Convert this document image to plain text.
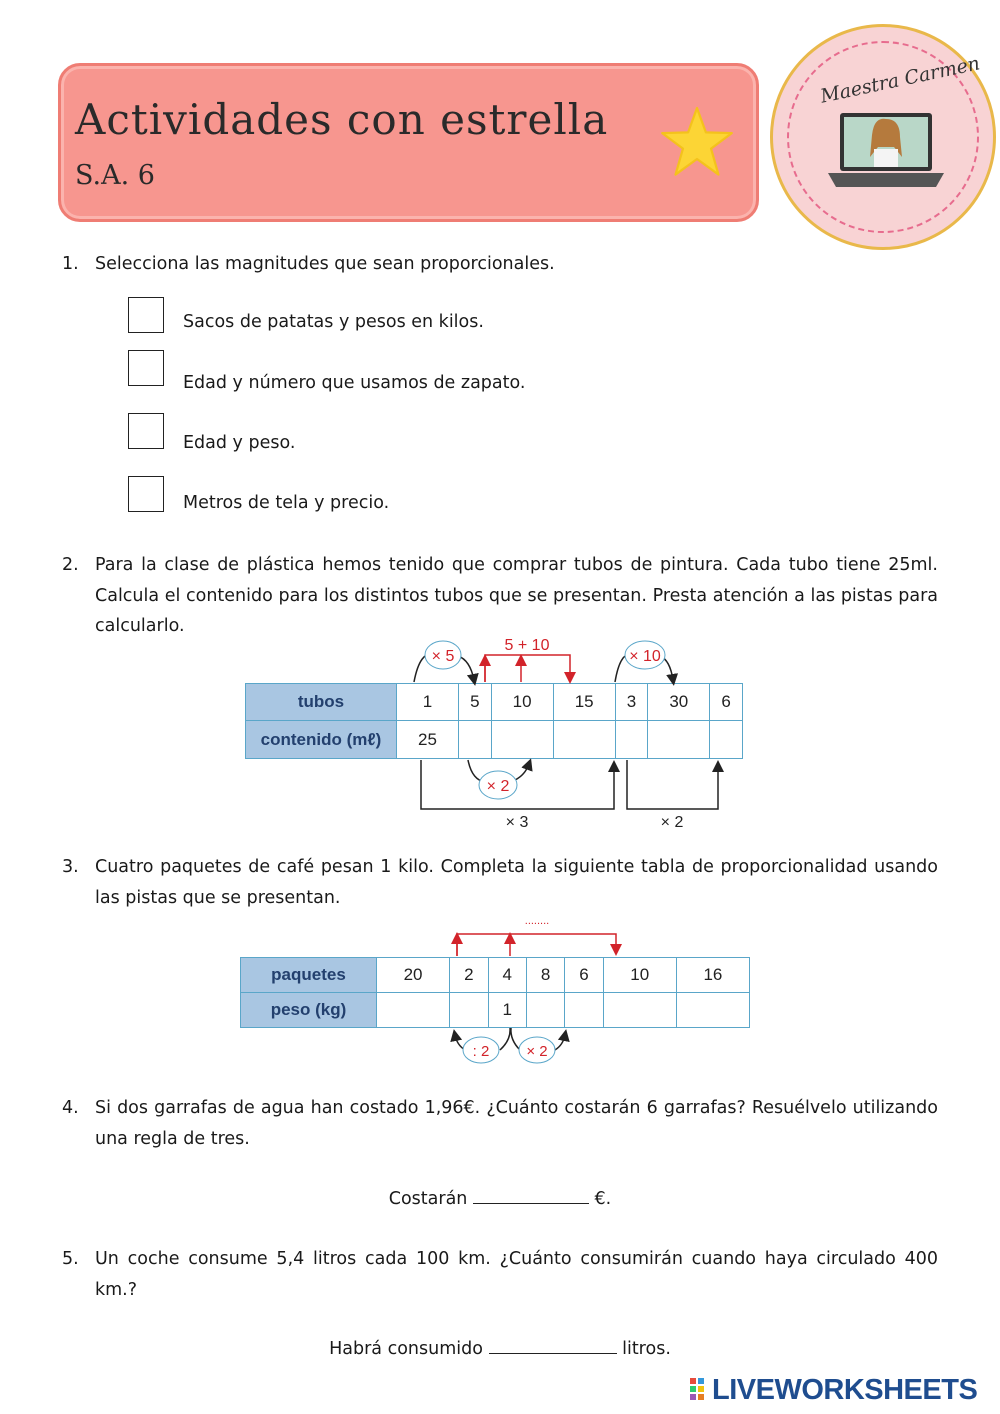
Actividades con estrella
S.A. 6
Maestra Carmen
1. Selecciona las magnitudes que sean proporcionales.
Sacos de patatas y pesos en kilos.
Edad y número que usamos de zapato.
Edad y peso.
Metros de tela y precio.
2. Para la clase de plástica hemos tenido que comprar tubos de pintura. Cada tubo tiene 25ml. Calcula el contenido para los distintos tubos que se presentan. Presta atención a las pistas para calcularlo.
tubos	1	5	10	15	3	30	6
contenido (mℓ)	25						
× 5
5 + 10
× 10
× 2
× 3	× 2
3. Cuatro paquetes de café pesan 1 kilo. Completa la siguiente tabla de proporcionalidad usando las pistas que se presentan.
paquetes	20	2	4	8	6	10	16
peso (kg)			1				
........
: 2 × 2
4. Si dos garrafas de agua han costado 1,96€. ¿Cuánto costarán 6 garrafas? Resuélvelo utilizando una regla de tres.
Costarán	€.
5. Un coche consume 5,4 litros cada 100 km. ¿Cuánto consumirán cuando haya circulado 400 km.?
Habrá consumido	litros.
LIVEWORKSHEETS
